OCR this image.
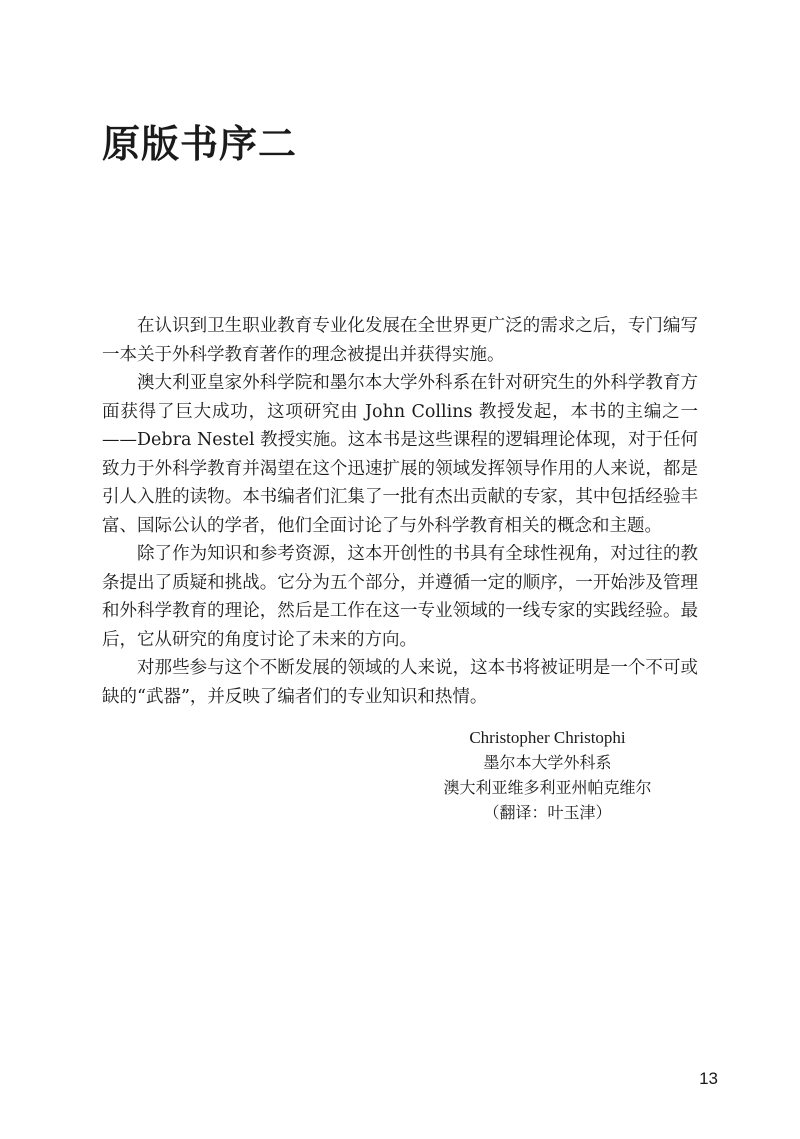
原版书序二

在认识到卫生职业教育专业化发展在全世界更广泛的需求之后，专门编写一本关于外科学教育著作的理念被提出并获得实施。

澳大利亚皇家外科学院和墨尔本大学外科系在针对研究生的外科学教育方面获得了巨大成功，这项研究由 John Collins 教授发起，本书的主编之一——Debra Nestel 教授实施。这本书是这些课程的逻辑理论体现，对于任何致力于外科学教育并渴望在这个迅速扩展的领域发挥领导作用的人来说，都是引人入胜的读物。本书编者们汇集了一批有杰出贡献的专家，其中包括经验丰富、国际公认的学者，他们全面讨论了与外科学教育相关的概念和主题。

除了作为知识和参考资源，这本开创性的书具有全球性视角，对过往的教条提出了质疑和挑战。它分为五个部分，并遵循一定的顺序，一开始涉及管理和外科学教育的理论，然后是工作在这一专业领域的一线专家的实践经验。最后，它从研究的角度讨论了未来的方向。

对那些参与这个不断发展的领域的人来说，这本书将被证明是一个不可或缺的“武器”，并反映了编者们的专业知识和热情。

Christopher Christophi
墨尔本大学外科系
澳大利亚维多利亚州帕克维尔
（翻译：叶玉津）
13
